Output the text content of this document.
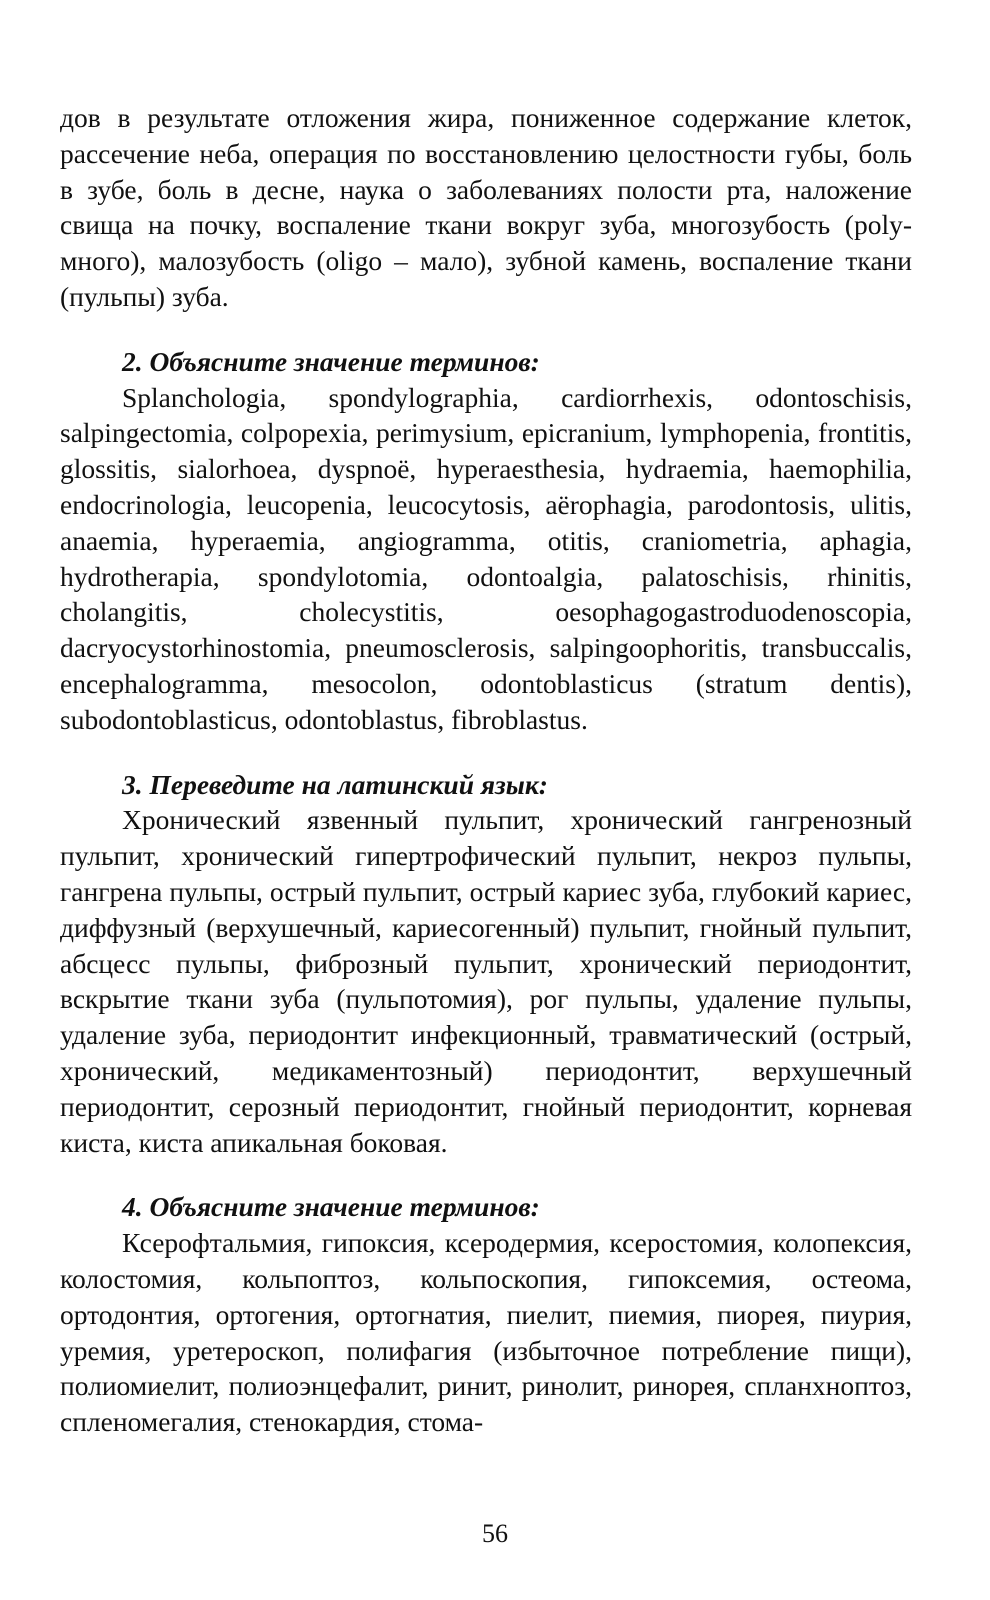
дов в результате отложения жира, пониженное содержание клеток, рассечение неба, операция по восстановлению целостности губы, боль в зубе, боль в десне, наука о заболеваниях полости рта, наложение свища на почку, воспаление ткани вокруг зуба, многозубость (poly- много), малозубость (oligo – мало), зубной камень, воспаление ткани (пульпы) зуба.

2. Объясните значение терминов:

Splanchologia, spondylographia, cardiorrhexis, odontoschisis, salpingectomia, colpopexia, perimysium, epicranium, lymphopenia, frontitis, glossitis, sialorhoea, dyspnoë, hyperaesthesia, hydraemia, haemophilia, endocrinologia, leucopenia, leucocytosis, aërophagia, parodontosis, ulitis, anaemia, hyperaemia, angiogramma, otitis, craniometria, aphagia, hydrotherapia, spondylotomia, odontoalgia, palatoschisis, rhinitis, cholangitis, cholecystitis, oesophagogastroduodenoscopia, dacryocystorhinostomia, pneumosclerosis, salpingoophoritis, transbuccalis, encephalogramma, mesocolon, odontoblasticus (stratum dentis), subodontoblasticus, odontoblastus, fibroblastus.

3. Переведите на латинский язык:

Хронический язвенный пульпит, хронический гангренозный пульпит, хронический гипертрофический пульпит, некроз пульпы, гангрена пульпы, острый пульпит, острый кариес зуба, глубокий кариес, диффузный (верхушечный, кариесогенный) пульпит, гнойный пульпит, абсцесс пульпы, фиброзный пульпит, хронический периодонтит, вскрытие ткани зуба (пульпотомия), рог пульпы, удаление пульпы, удаление зуба, периодонтит инфекционный, травматический (острый, хронический, медикаментозный) периодонтит, верхушечный периодонтит, серозный периодонтит, гнойный периодонтит, корневая киста, киста апикальная боковая.

4. Объясните значение терминов:

Ксерофтальмия, гипоксия, ксеродермия, ксеростомия, колопексия, колостомия, кольпоптоз, кольпоскопия, гипоксемия, остеома, ортодонтия, ортогения, ортогнатия, пиелит, пиемия, пиорея, пиурия, уремия, уретероскоп, полифагия (избыточное потребление пищи), полиомиелит, полиоэнцефалит, ринит, ринолит, ринорея, спланхноптоз, спленомегалия, стенокардия, стома-

56
